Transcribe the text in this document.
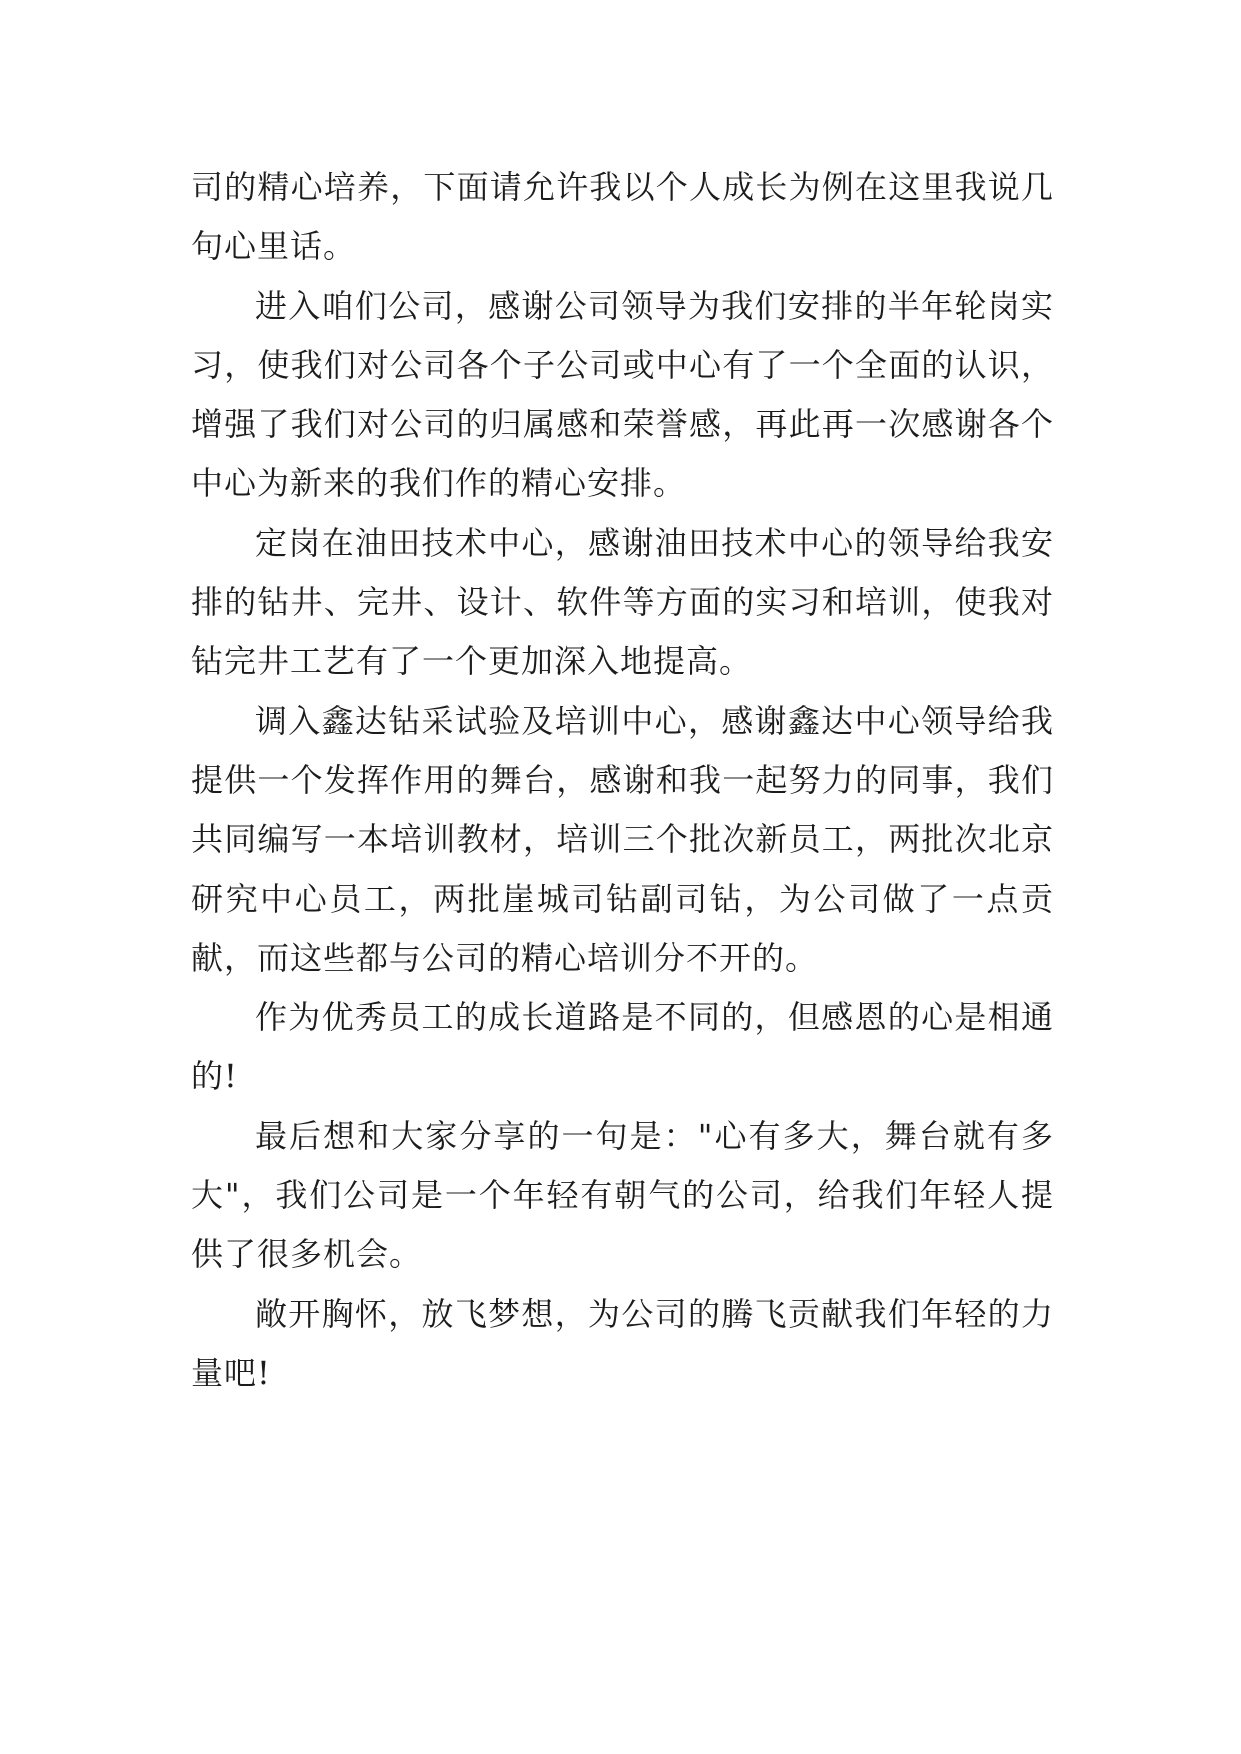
司的精心培养，下面请允许我以个人成长为例在这里我说几句心里话。

进入咱们公司，感谢公司领导为我们安排的半年轮岗实习，使我们对公司各个子公司或中心有了一个全面的认识，增强了我们对公司的归属感和荣誉感，再此再一次感谢各个中心为新来的我们作的精心安排。

定岗在油田技术中心，感谢油田技术中心的领导给我安排的钻井、完井、设计、软件等方面的实习和培训，使我对钻完井工艺有了一个更加深入地提高。

调入鑫达钻采试验及培训中心，感谢鑫达中心领导给我提供一个发挥作用的舞台，感谢和我一起努力的同事，我们共同编写一本培训教材，培训三个批次新员工，两批次北京研究中心员工，两批崖城司钻副司钻，为公司做了一点贡献，而这些都与公司的精心培训分不开的。

作为优秀员工的成长道路是不同的，但感恩的心是相通的!

最后想和大家分享的一句是："心有多大，舞台就有多大"，我们公司是一个年轻有朝气的公司，给我们年轻人提供了很多机会。

敞开胸怀，放飞梦想，为公司的腾飞贡献我们年轻的力量吧!
